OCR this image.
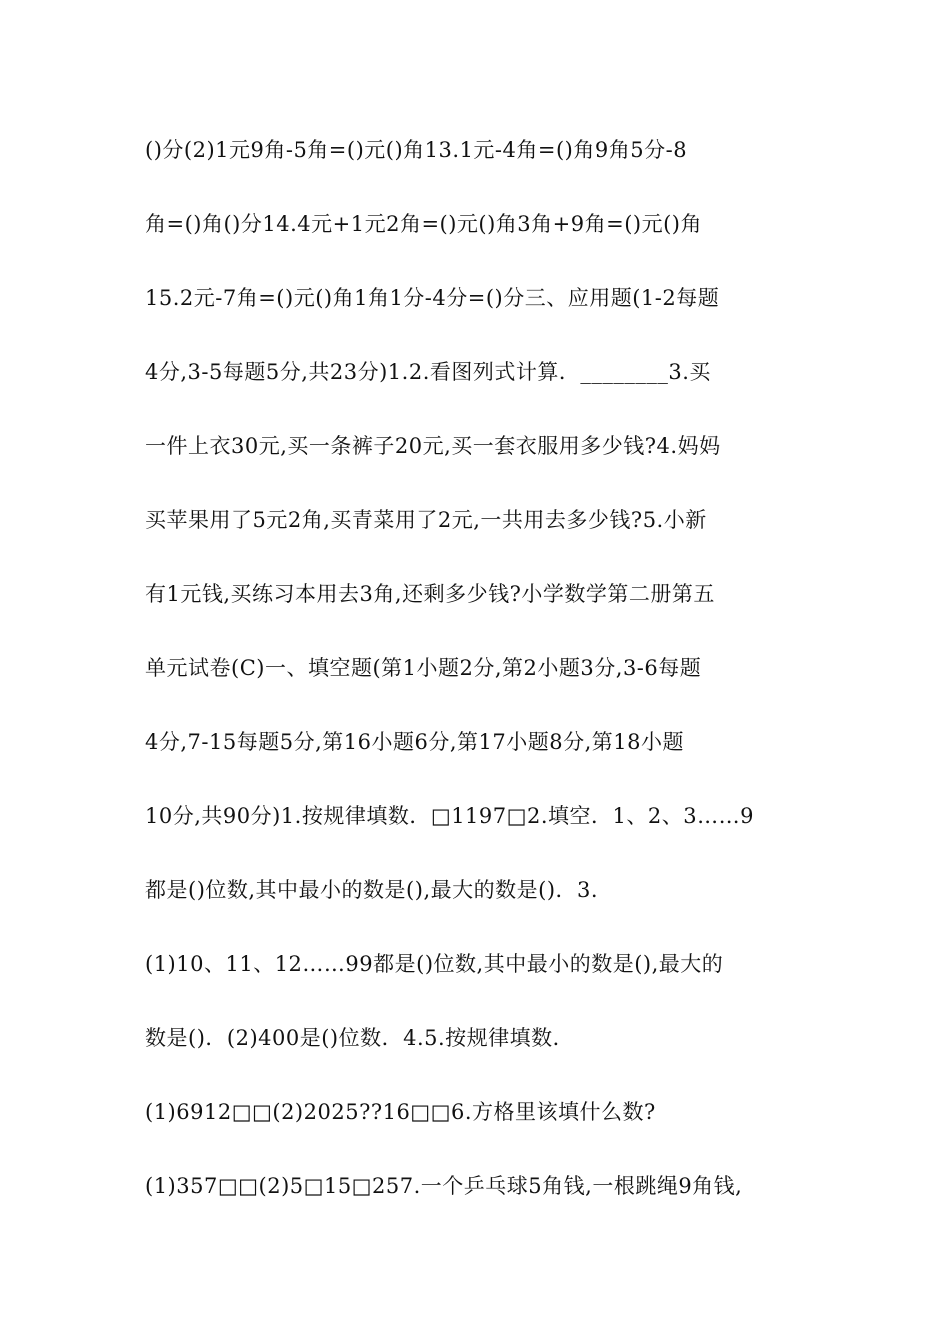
()分(2)1元9角-5角=()元()角13.1元-4角=()角9角5分-8
角=()角()分14.4元+1元2角=()元()角3角+9角=()元()角
15.2元-7角=()元()角1角1分-4分=()分三、应用题(1-2每题
4分,3-5每题5分,共23分)1.2.看图列式计算．________3.买
一件上衣30元,买一条裤子20元,买一套衣服用多少钱?4.妈妈
买苹果用了5元2角,买青菜用了2元,一共用去多少钱?5.小新
有1元钱,买练习本用去3角,还剩多少钱?小学数学第二册第五
单元试卷(C)一、填空题(第1小题2分,第2小题3分,3-6每题
4分,7-15每题5分,第16小题6分,第17小题8分,第18小题
10分,共90分)1.按规律填数．□1197□2.填空．1、2、3……9
都是()位数,其中最小的数是(),最大的数是()．3.
(1)10、11、12……99都是()位数,其中最小的数是(),最大的
数是()．(2)400是()位数．4.5.按规律填数．
(1)6912□□(2)2025??16□□6.方格里该填什么数?
(1)357□□(2)5□15□257.一个乒乓球5角钱,一根跳绳9角钱,
